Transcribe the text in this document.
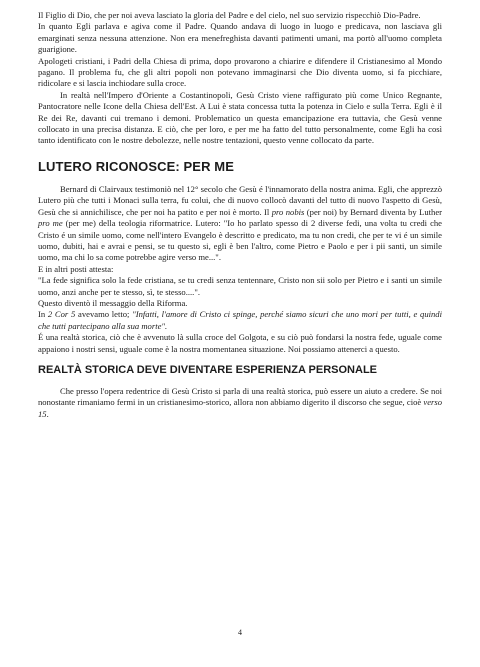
Il Figlio di Dio, che per noi aveva lasciato la gloria del Padre e del cielo, nel suo servizio rispecchiò Dio-Padre.

In quanto Egli parlava e agiva come il Padre. Quando andava di luogo in luogo e predicava, non lasciava gli emarginati senza nessuna attenzione. Non era menefreghista davanti patimenti umani, ma portò all'uomo completa guarigione.

Apologeti cristiani, i Padri della Chiesa di prima, dopo provarono a chiarire e difendere il Cristianesimo al Mondo pagano. Il problema fu, che gli altri popoli non potevano immaginarsi che Dio diventa uomo, si fa picchiare, ridicolare e si lascia inchiodare sulla croce.

In realtà nell'Impero d'Oriente a Costantinopoli, Gesù Cristo viene raffigurato più come Unico Regnante, Pantocratore nelle Icone della Chiesa dell'Est. A Lui è stata concessa tutta la potenza in Cielo e sulla Terra. Egli è il Re dei Re, davanti cui tremano i demoni. Problematico un questa emancipazione era tuttavia, che Gesù venne collocato in una precisa distanza. E ciò, che per loro, e per me ha fatto del tutto personalmente, come Egli ha così tanto identificato con le nostre debolezze, nelle nostre tentazioni, questo venne collocato da parte.

LUTERO RICONOSCE: PER ME

Bernard di Clairvaux testimoniò nel 12° secolo che Gesù é l'innamorato della nostra anima. Egli, che apprezzò Lutero più che tutti i Monaci sulla terra, fu colui, che di nuovo collocò davanti del tutto di nuovo l'aspetto di Gesù, Gesù che si annichilisce, che per noi ha patito e per noi è morto. Il pro nobis (per noi) by Bernard diventa by Luther pro me (per me) della teologia riformatrice. Lutero: "Io ho parlato spesso di 2 diverse fedi, una volta tu credi che Cristo é un simile uomo, come nell'intero Evangelo è descritto e predicato, ma tu non credi, che per te vi é un simile uomo, dubiti, hai e avrai e pensi, se tu questo si, egli è ben l'altro, come Pietro e Paolo e per i pii santi, un simile uomo, ma chi lo sa come potrebbe agire verso me...".

E in altri posti attesta:

"La fede significa solo la fede cristiana, se tu credi senza tentennare, Cristo non sii solo per Pietro e i santi un simile uomo, anzi anche per te stesso, sì, te stesso....".

Questo diventò il messaggio della Riforma.

In 2 Cor 5 avevamo letto; "Infatti, l'amore di Cristo ci spinge, perché siamo sicuri che uno mori per tutti, e quindi che tutti partecipano alla sua morte".

É una realtà storica, ciò che è avvenuto là sulla croce del Golgota, e su ciò può fondarsi la nostra fede, uguale come appaiono i nostri sensi, uguale come è la nostra momentanea situazione. Noi possiamo attenerci a questo.

REALTÀ STORICA DEVE DIVENTARE ESPERIENZA PERSONALE

Che presso l'opera redentrice di Gesù Cristo si parla di una realtà storica, può essere un aiuto a credere. Se noi nonostante rimaniamo fermi in un cristianesimo-storico, allora non abbiamo digerito il discorso che segue, cioè verso 15.

4
